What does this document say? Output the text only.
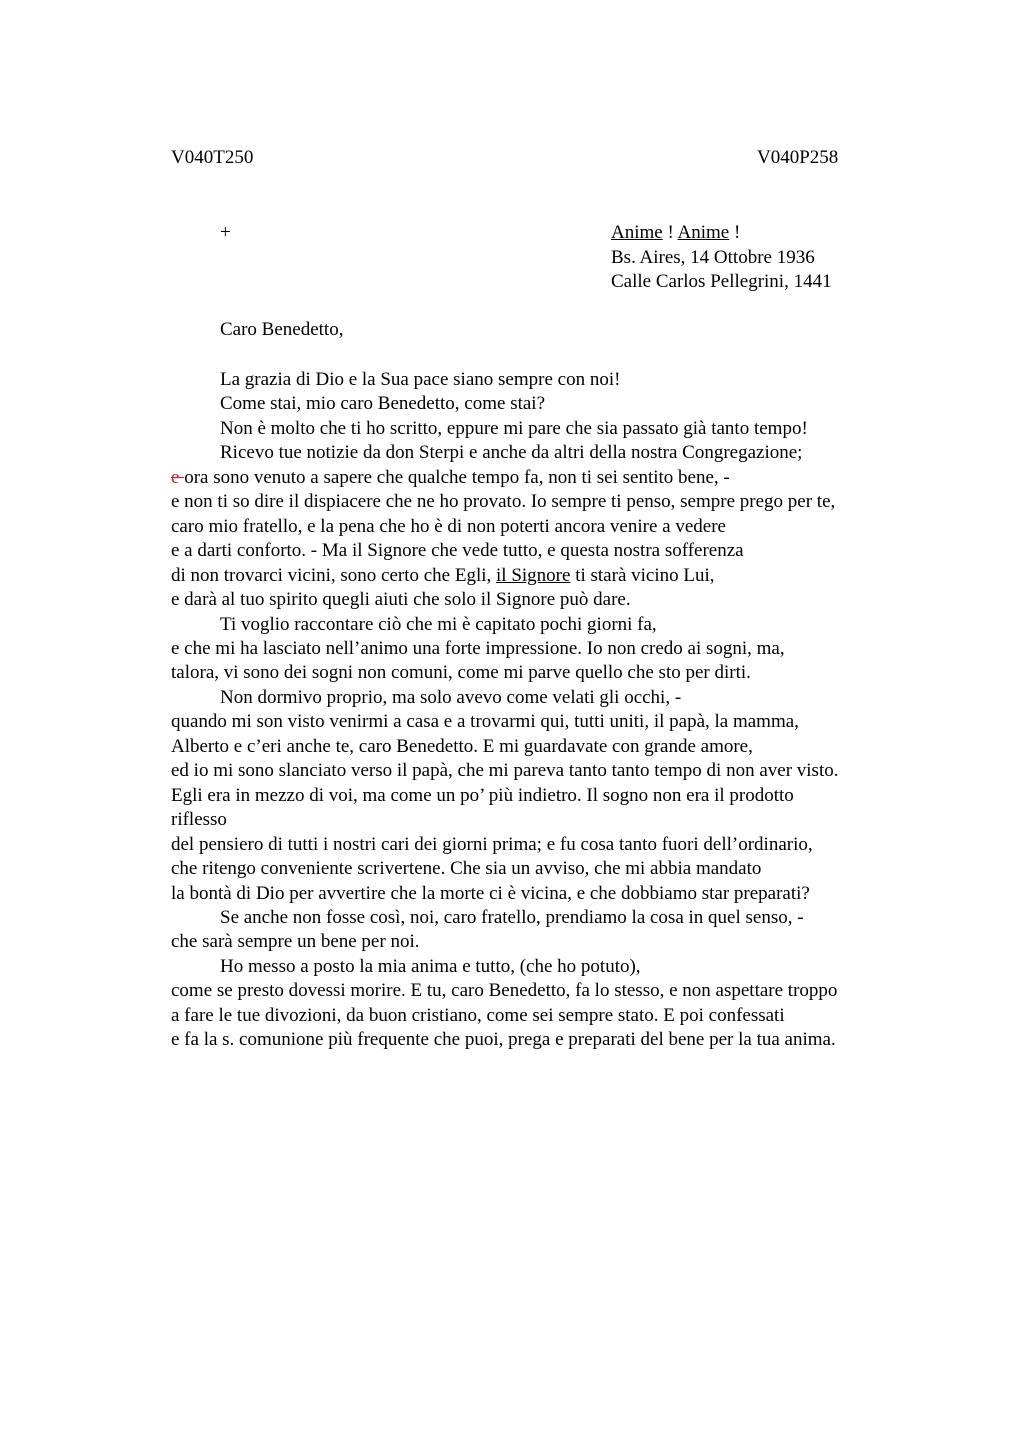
V040T250	V040P258
+	Anime ! Anime !
Bs. Aires, 14 Ottobre 1936
Calle Carlos Pellegrini, 1441
Caro Benedetto,
La grazia di Dio e la Sua pace siano sempre con noi!
Come stai, mio caro Benedetto, come stai?
Non è molto che ti ho scritto, eppure mi pare che sia passato già tanto tempo!
Ricevo tue notizie da don Sterpi e anche da altri della nostra Congregazione;
e ora sono venuto a sapere che qualche tempo fa, non ti sei sentito bene, -
e non ti so dire il dispiacere che ne ho provato. Io sempre ti penso, sempre prego per te,
caro mio fratello, e la pena che ho è di non poterti ancora venire a vedere
e a darti conforto. - Ma il Signore che vede tutto, e questa nostra sofferenza
di non trovarci vicini, sono certo che Egli, il Signore ti starà vicino Lui,
e darà al tuo spirito quegli aiuti che solo il Signore può dare.
Ti voglio raccontare ciò che mi è capitato pochi giorni fa,
e che mi ha lasciato nell’animo una forte impressione. Io non credo ai sogni, ma,
talora, vi sono dei sogni non comuni, come mi parve quello che sto per dirti.
Non dormivo proprio, ma solo avevo come velati gli occhi, -
quando mi son visto venirmi a casa e a trovarmi qui, tutti uniti, il papà, la mamma,
Alberto e c’eri anche te, caro Benedetto. E mi guardavate con grande amore,
ed io mi sono slanciato verso il papà, che mi pareva tanto tanto tempo di non aver visto.
Egli era in mezzo di voi, ma come un po’ più indietro. Il sogno non era il prodotto
riflesso
del pensiero di tutti i nostri cari dei giorni prima; e fu cosa tanto fuori dell’ordinario,
che ritengo conveniente scrivertene. Che sia un avviso, che mi abbia mandato
la bontà di Dio per avvertire che la morte ci è vicina, e che dobbiamo star preparati?
Se anche non fosse così, noi, caro fratello, prendiamo la cosa in quel senso, -
che sarà sempre un bene per noi.
Ho messo a posto la mia anima e tutto, (che ho potuto),
come se presto dovessi morire. E tu, caro Benedetto, fa lo stesso, e non aspettare troppo
a fare le tue divozioni, da buon cristiano, come sei sempre stato. E poi confessati
e fa la s. comunione più frequente che puoi, prega e preparati del bene per la tua anima.
